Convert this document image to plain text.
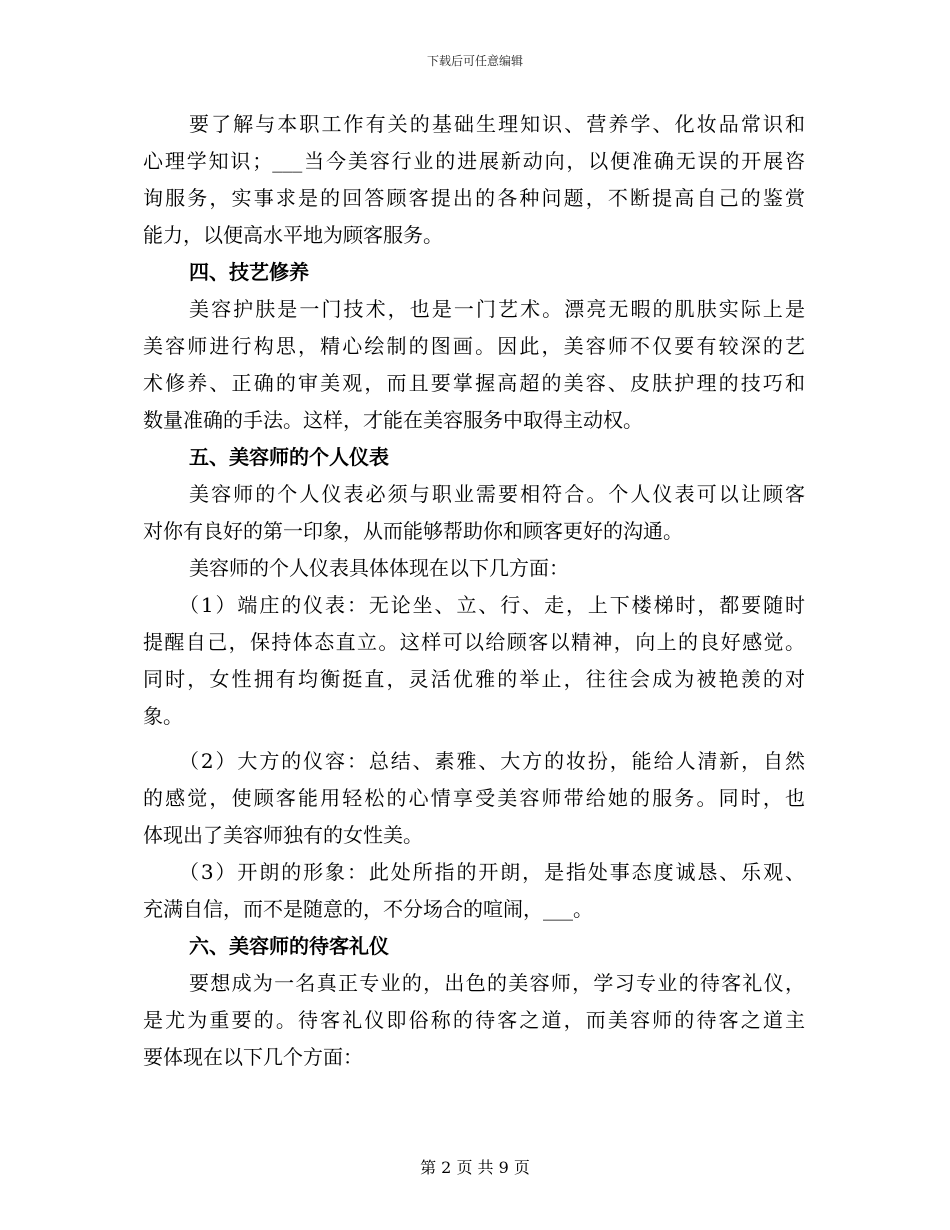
下载后可任意编辑
要了解与本职工作有关的基础生理知识、营养学、化妆品常识和
心理学知识；___当今美容行业的进展新动向，以便准确无误的开展咨
询服务，实事求是的回答顾客提出的各种问题，不断提高自己的鉴赏
能力，以便高水平地为顾客服务。
四、技艺修养
美容护肤是一门技术，也是一门艺术。漂亮无暇的肌肤实际上是
美容师进行构思，精心绘制的图画。因此，美容师不仅要有较深的艺
术修养、正确的审美观，而且要掌握高超的美容、皮肤护理的技巧和
数量准确的手法。这样，才能在美容服务中取得主动权。
五、美容师的个人仪表
美容师的个人仪表必须与职业需要相符合。个人仪表可以让顾客
对你有良好的第一印象，从而能够帮助你和顾客更好的沟通。
美容师的个人仪表具体体现在以下几方面：
（1）端庄的仪表：无论坐、立、行、走，上下楼梯时，都要随时
提醒自己，保持体态直立。这样可以给顾客以精神，向上的良好感觉。
同时，女性拥有均衡挺直，灵活优雅的举止，往往会成为被艳羡的对
象。
（2）大方的仪容：总结、素雅、大方的妆扮，能给人清新，自然
的感觉，使顾客能用轻松的心情享受美容师带给她的服务。同时，也
体现出了美容师独有的女性美。
（3）开朗的形象：此处所指的开朗，是指处事态度诚恳、乐观、
充满自信，而不是随意的，不分场合的喧闹，___。
六、美容师的待客礼仪
要想成为一名真正专业的，出色的美容师，学习专业的待客礼仪，
是尤为重要的。待客礼仪即俗称的待客之道，而美容师的待客之道主
要体现在以下几个方面：
第 2 页 共 9 页
